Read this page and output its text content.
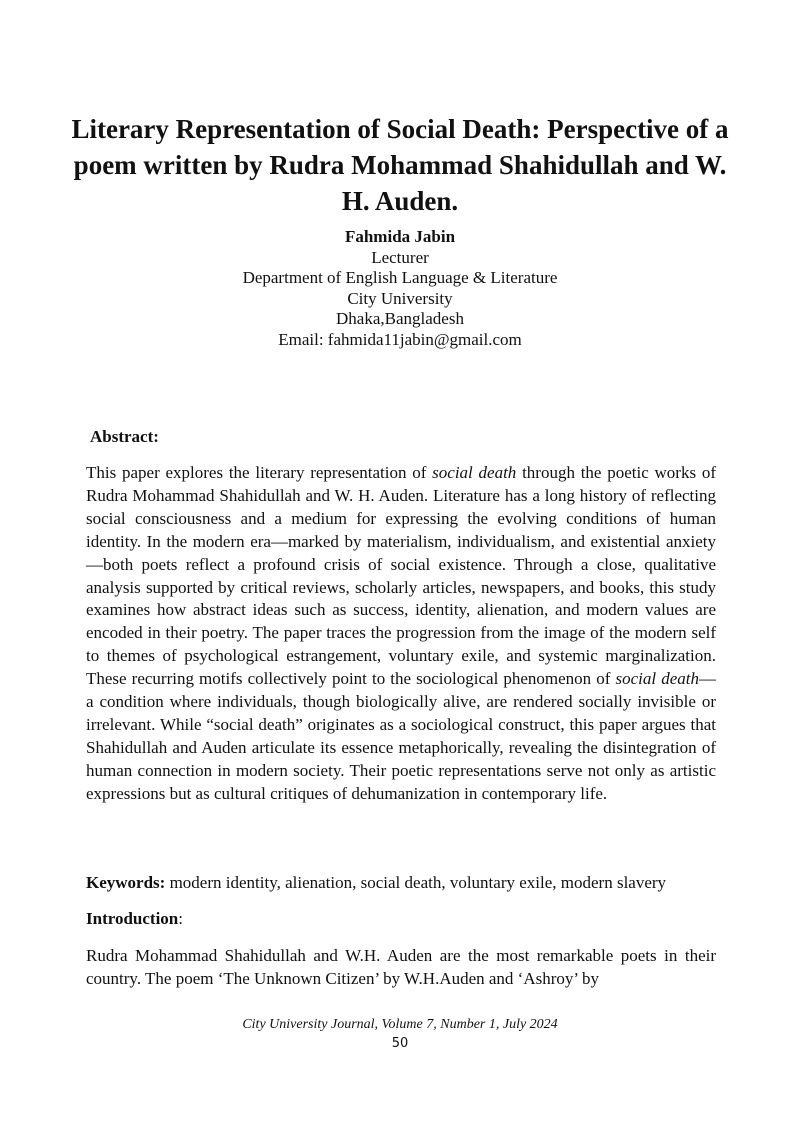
Literary Representation of Social Death: Perspective of a poem written by Rudra Mohammad Shahidullah and W. H. Auden.
Fahmida Jabin
Lecturer
Department of English Language & Literature
City University
Dhaka,Bangladesh
Email: fahmida11jabin@gmail.com
Abstract:

This paper explores the literary representation of social death through the poetic works of Rudra Mohammad Shahidullah and W. H. Auden. Literature has a long history of reflecting social consciousness and a medium for expressing the evolving conditions of human identity. In the modern era—marked by materialism, individualism, and existential anxiety—both poets reflect a profound crisis of social existence. Through a close, qualitative analysis supported by critical reviews, scholarly articles, newspapers, and books, this study examines how abstract ideas such as success, identity, alienation, and modern values are encoded in their poetry. The paper traces the progression from the image of the modern self to themes of psychological estrangement, voluntary exile, and systemic marginalization. These recurring motifs collectively point to the sociological phenomenon of social death— a condition where individuals, though biologically alive, are rendered socially invisible or irrelevant. While “social death” originates as a sociological construct, this paper argues that Shahidullah and Auden articulate its essence metaphorically, revealing the disintegration of human connection in modern society. Their poetic representations serve not only as artistic expressions but as cultural critiques of dehumanization in contemporary life.

Keywords: modern identity, alienation, social death, voluntary exile, modern slavery
Introduction:

Rudra Mohammad Shahidullah and W.H. Auden are the most remarkable poets in their country. The poem ‘The Unknown Citizen’ by W.H.Auden and ‘Ashroy’ by

City University Journal, Volume 7, Number 1, July 2024
50
